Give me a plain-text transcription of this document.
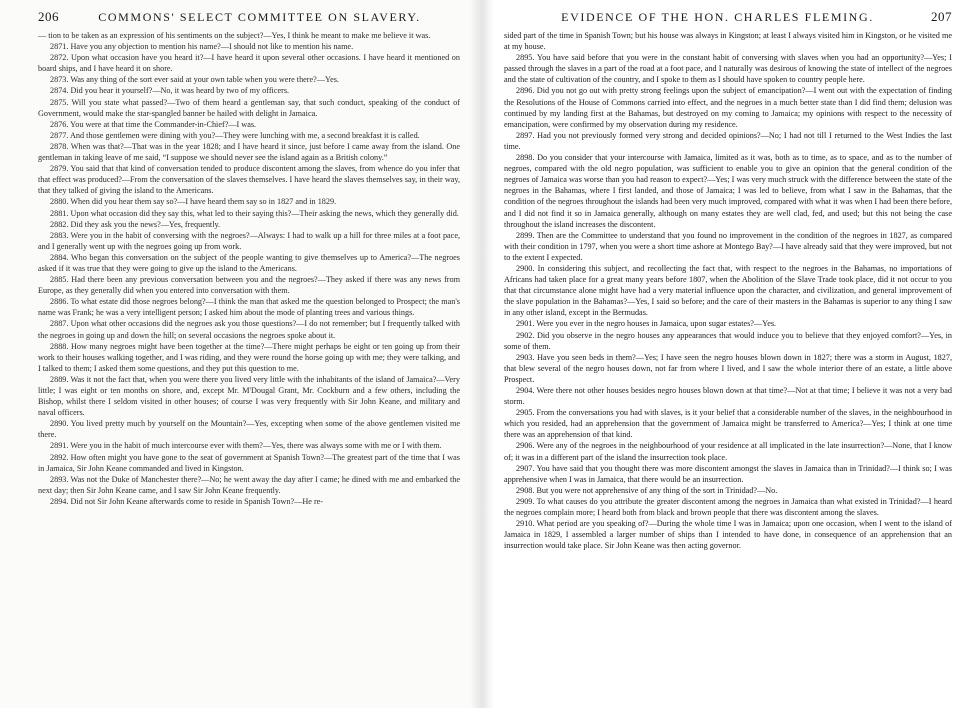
206	COMMONS' SELECT COMMITTEE ON SLAVERY.

— tion to be taken as an expression of his sentiments on the subject?—Yes, I think he meant to make me believe it was.

2871. Have you any objection to mention his name?—I should not like to mention his name.

2872. Upon what occasion have you heard it?—I have heard it upon several other occasions. I have heard it mentioned on board ships, and I have heard it on shore.

2873. Was any thing of the sort ever said at your own table when you were there?—Yes.

2874. Did you hear it yourself?—No, it was heard by two of my officers.

2875. Will you state what passed?—Two of them heard a gentleman say, that such conduct, speaking of the conduct of Government, would make the star-spangled banner be hailed with delight in Jamaica.

2876. You were at that time the Commander-in-Chief?—I was.

2877. And those gentlemen were dining with you?—They were lunching with me, a second breakfast it is called.

2878. When was that?—That was in the year 1828; and I have heard it since, just before I came away from the island. One gentleman in taking leave of me said, “I suppose we should never see the island again as a British colony.”

2879. You said that that kind of conversation tended to produce discontent among the slaves, from whence do you infer that that effect was produced?—From the conversation of the slaves themselves. I have heard the slaves themselves say, in their way, that they talked of giving the island to the Americans.

2880. When did you hear them say so?—I have heard them say so in 1827 and in 1829.

2881. Upon what occasion did they say this, what led to their saying this?—Their asking the news, which they generally did.

2882. Did they ask you the news?—Yes, frequently.

2883. Were you in the habit of conversing with the negroes?—Always: I had to walk up a hill for three miles at a foot pace, and I generally went up with the negroes going up from work.

2884. Who began this conversation on the subject of the people wanting to give themselves up to America?—The negroes asked if it was true that they were going to give up the island to the Americans.

2885. Had there been any previous conversation between you and the negroes?—They asked if there was any news from Europe, as they generally did when you entered into conversation with them.

2886. To what estate did those negroes belong?—I think the man that asked me the question belonged to Prospect; the man's name was Frank; he was a very intelligent person; I asked him about the mode of planting trees and various things.

2887. Upon what other occasions did the negroes ask you those questions?—I do not remember; but I frequently talked with the negroes in going up and down the hill; on several occasions the negroes spoke about it.

2888. How many negroes might have been together at the time?—There might perhaps be eight or ten going up from their work to their houses walking together, and I was riding, and they were round the horse going up with me; they were talking, and I talked to them; I asked them some questions, and they put this question to me.

2889. Was it not the fact that, when you were there you lived very little with the inhabitants of the island of Jamaica?—Very little; I was eight or ten months on shore, and, except Mr. M'Dougal Grant, Mr. Cockburn and a few others, including the Bishop, whilst there I seldom visited in other houses; of course I was very frequently with Sir John Keane, and military and naval officers.

2890. You lived pretty much by yourself on the Mountain?—Yes, excepting when some of the above gentlemen visited me there.

2891. Were you in the habit of much intercourse ever with them?—Yes, there was always some with me or I with them.

2892. How often might you have gone to the seat of government at Spanish Town?—The greatest part of the time that I was in Jamaica, Sir John Keane commanded and lived in Kingston.

2893. Was not the Duke of Manchester there?—No; he went away the day after I came; he dined with me and embarked the next day; then Sir John Keane came, and I saw Sir John Keane frequently.

2894. Did not Sir John Keane afterwards come to reside in Spanish Town?—He re-

EVIDENCE OF THE HON. CHARLES FLEMING.	207

sided part of the time in Spanish Town; but his house was always in Kingston; at least I always visited him in Kingston, or he visited me at my house.

2895. You have said before that you were in the constant habit of conversing with slaves when you had an opportunity?—Yes; I passed through the slaves in a part of the road at a foot pace, and I naturally was desirous of knowing the state of intellect of the negroes and the state of cultivation of the country, and I spoke to them as I should have spoken to country people here.

2896. Did you not go out with pretty strong feelings upon the subject of emancipation?—I went out with the expectation of finding the Resolutions of the House of Commons carried into effect, and the negroes in a much better state than I did find them; delusion was continued by my landing first at the Bahamas, but destroyed on my coming to Jamaica; my opinions with respect to the necessity of emancipation, were confirmed by my observation during my residence.

2897. Had you not previously formed very strong and decided opinions?—No; I had not till I returned to the West Indies the last time.

2898. Do you consider that your intercourse with Jamaica, limited as it was, both as to time, as to space, and as to the number of negroes, compared with the old negro population, was sufficient to enable you to give an opinion that the general condition of the negroes of Jamaica was worse than you had reason to expect?—Yes; I was very much struck with the difference between the state of the negroes in the Bahamas, where I first landed, and those of Jamaica; I was led to believe, from what I saw in the Bahamas, that the condition of the negroes throughout the islands had been very much improved, compared with what it was when I had been there before, and I did not find it so in Jamaica generally, although on many estates they are well clad, fed, and used; but this not being the case throughout the island increases the discontent.

2899. Then are the Committee to understand that you found no improvement in the condition of the negroes in 1827, as compared with their condition in 1797, when you were a short time ashore at Montego Bay?—I have already said that they were improved, but not to the extent I expected.

2900. In considering this subject, and recollecting the fact that, with respect to the negroes in the Bahamas, no importations of Africans had taken place for a great many years before 1807, when the Abolition of the Slave Trade took place, did it not occur to you that that circumstance alone might have had a very material influence upon the character, and civilization, and general improvement of the slave population in the Bahamas?—Yes, I said so before; and the care of their masters in the Bahamas is superior to any thing I saw in any other island, except in the Bermudas.

2901. Were you ever in the negro houses in Jamaica, upon sugar estates?—Yes.

2902. Did you observe in the negro houses any appearances that would induce you to believe that they enjoyed comfort?—Yes, in some of them.

2903. Have you seen beds in them?—Yes; I have seen the negro houses blown down in 1827; there was a storm in August, 1827, that blew several of the negro houses down, not far from where I lived, and I saw the whole interior there of an estate, a little above Prospect.

2904. Were there not other houses besides negro houses blown down at that time?—Not at that time; I believe it was not a very bad storm.

2905. From the conversations you had with slaves, is it your belief that a considerable number of the slaves, in the neighbourhood in which you resided, had an apprehension that the government of Jamaica might be transferred to America?—Yes; I think at one time there was an apprehension of that kind.

2906. Were any of the negroes in the neighbourhood of your residence at all implicated in the late insurrection?—None, that I know of; it was in a different part of the island the insurrection took place.

2907. You have said that you thought there was more discontent amongst the slaves in Jamaica than in Trinidad?—I think so; I was apprehensive when I was in Jamaica, that there would be an insurrection.

2908. But you were not apprehensive of any thing of the sort in Trinidad?—No.

2909. To what causes do you attribute the greater discontent among the negroes in Jamaica than what existed in Trinidad?—I heard the negroes complain more; I heard both from black and brown people that there was discontent among the slaves.

2910. What period are you speaking of?—During the whole time I was in Jamaica; upon one occasion, when I went to the island of Jamaica in 1829, I assembled a larger number of ships than I intended to have done, in consequence of an apprehension that an insurrection would take place. Sir John Keane was then acting governor.
